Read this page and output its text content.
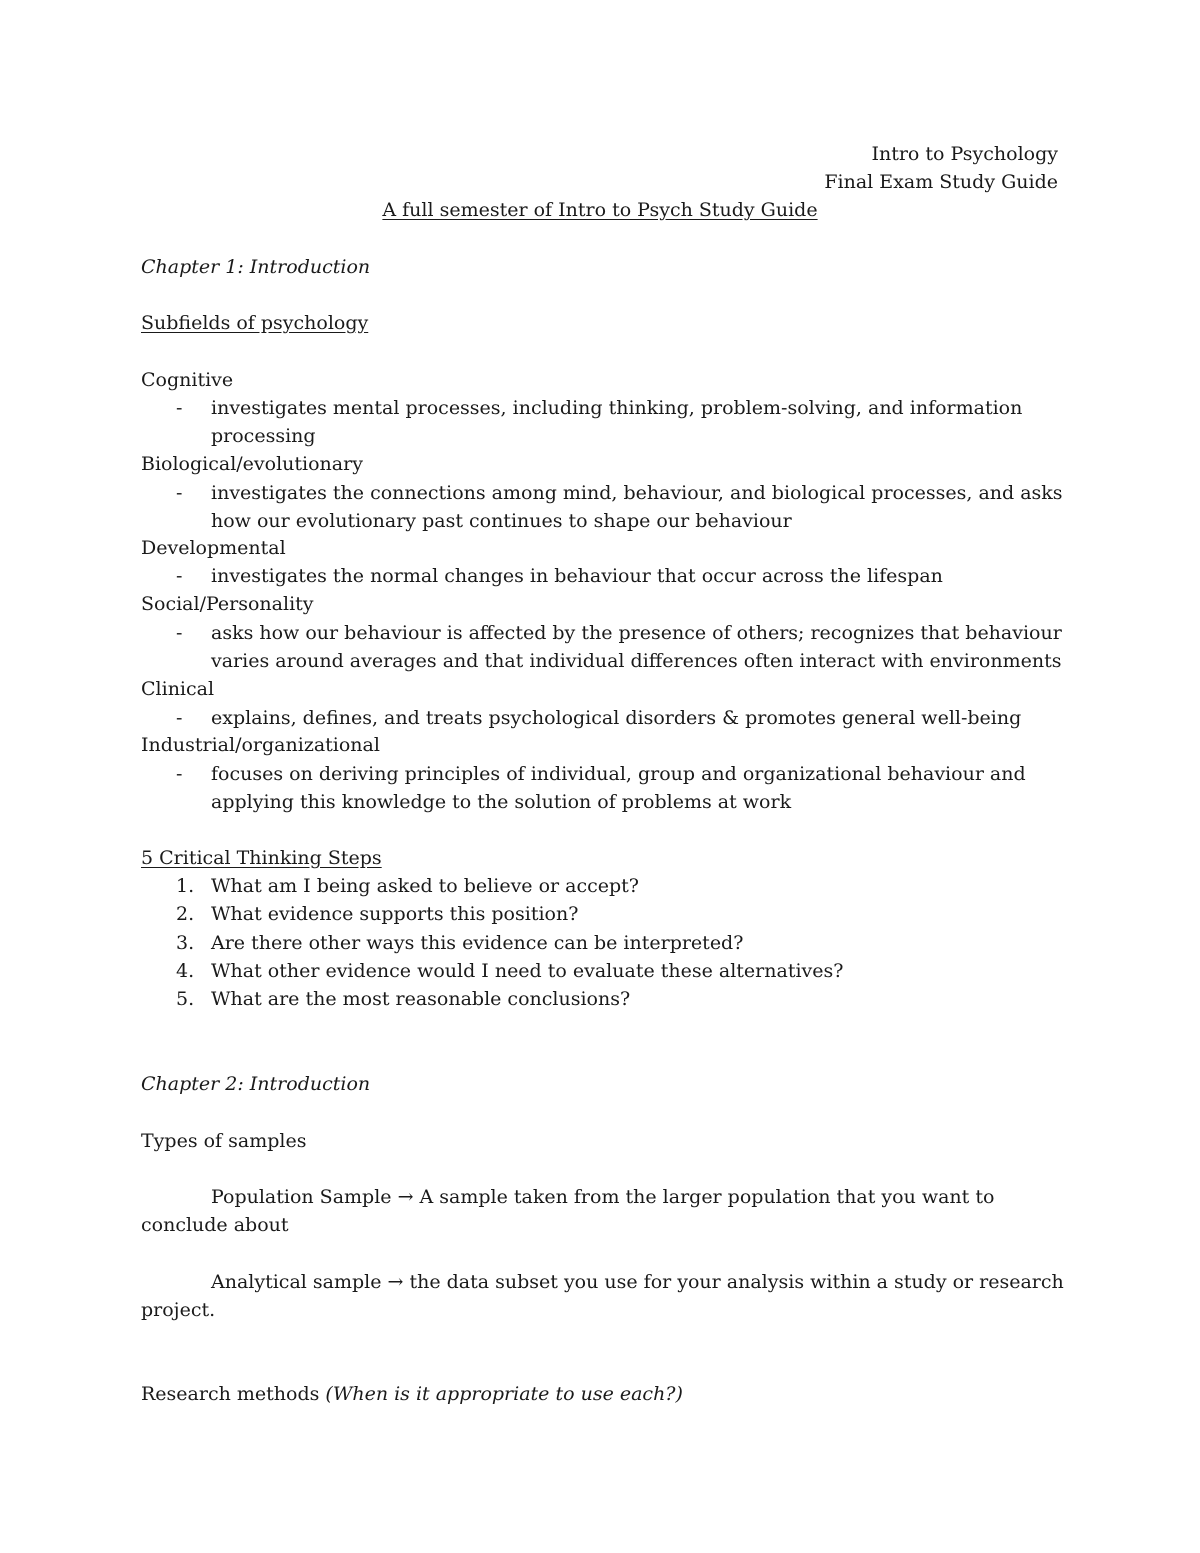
Intro to Psychology
Final Exam Study Guide
A full semester of Intro to Psych Study Guide
Chapter 1: Introduction
Subfields of psychology
Cognitive
- investigates mental processes, including thinking, problem-solving, and information
processing
Biological/evolutionary
- investigates the connections among mind, behaviour, and biological processes, and asks
how our evolutionary past continues to shape our behaviour
Developmental
- investigates the normal changes in behaviour that occur across the lifespan
Social/Personality
- asks how our behaviour is affected by the presence of others; recognizes that behaviour
varies around averages and that individual differences often interact with environments
Clinical
- explains, defines, and treats psychological disorders & promotes general well-being
Industrial/organizational
- focuses on deriving principles of individual, group and organizational behaviour and
applying this knowledge to the solution of problems at work
5 Critical Thinking Steps
1. What am I being asked to believe or accept?
2. What evidence supports this position?
3. Are there other ways this evidence can be interpreted?
4. What other evidence would I need to evaluate these alternatives?
5. What are the most reasonable conclusions?
Chapter 2: Introduction
Types of samples
Population Sample → A sample taken from the larger population that you want to
conclude about
Analytical sample → the data subset you use for your analysis within a study or research
project.
Research methods (When is it appropriate to use each?)
